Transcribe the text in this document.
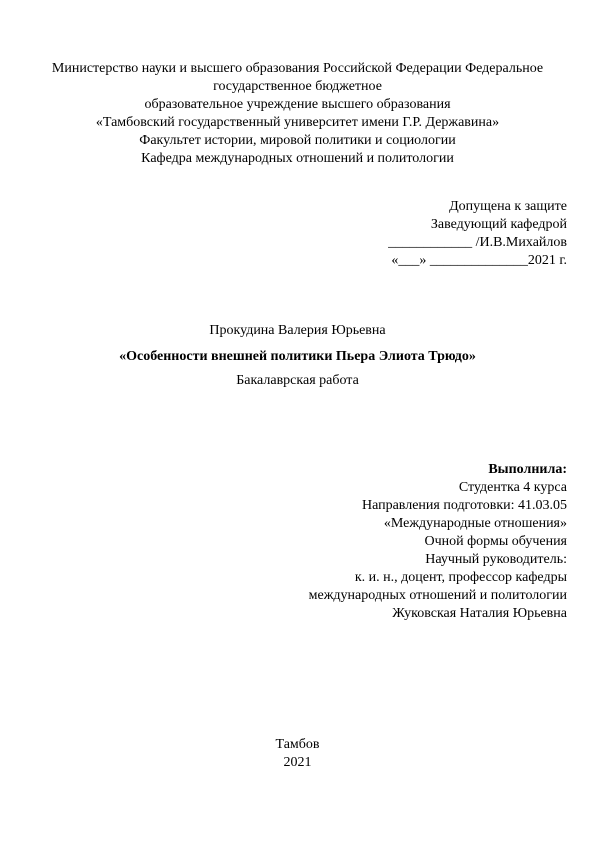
Министерство науки и высшего образования Российской Федерации Федеральное
государственное бюджетное
образовательное учреждение высшего образования
«Тамбовский государственный университет имени Г.Р. Державина»
Факультет истории, мировой политики и социологии
Кафедра международных отношений и политологии
Допущена к защите
Заведующий кафедрой
____________ /И.В.Михайлов
«___» ______________2021 г.
Прокудина Валерия Юрьевна
«Особенности внешней политики Пьера Элиота Трюдо»
Бакалаврская работа
Выполнила:
Студентка 4 курса
Направления подготовки: 41.03.05
«Международные отношения»
Очной формы обучения
Научный руководитель:
к. и. н., доцент, профессор кафедры
международных отношений и политологии
Жуковская Наталия Юрьевна
Тамбов
2021
